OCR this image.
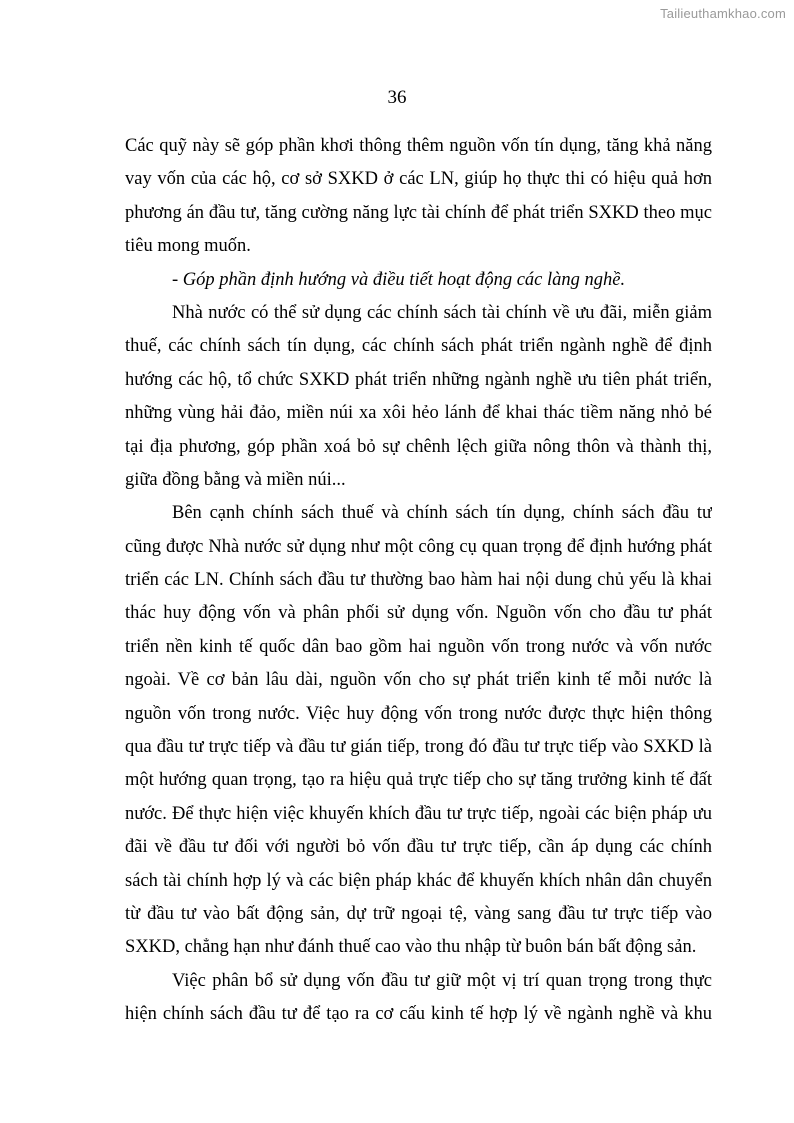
Tailieuthamkhao.com
36
Các quỹ này sẽ góp phần khơi thông thêm nguồn vốn tín dụng, tăng khả năng
vay vốn của các hộ, cơ sở SXKD ở các LN, giúp họ thực thi có hiệu quả hơn
phương án đầu tư, tăng cường năng lực tài chính để phát triển SXKD theo mục
tiêu mong muốn.
- Góp phần định hướng và điều tiết hoạt động các làng nghề.
Nhà nước có thể sử dụng các chính sách tài chính về ưu đãi, miễn giảm
thuế, các chính sách tín dụng, các chính sách phát triển ngành nghề để định
hướng các hộ, tổ chức SXKD phát triển những ngành nghề ưu tiên phát triển,
những vùng hải đảo, miền núi xa xôi hẻo lánh để khai thác tiềm năng nhỏ bé
tại địa phương, góp phần xoá bỏ sự chênh lệch giữa nông thôn và thành thị,
giữa đồng bằng và miền núi...
Bên cạnh chính sách thuế và chính sách tín dụng, chính sách đầu tư
cũng được Nhà nước sử dụng như một công cụ quan trọng để định hướng phát
triển các LN. Chính sách đầu tư thường bao hàm hai nội dung chủ yếu là khai
thác huy động vốn và phân phối sử dụng vốn. Nguồn vốn cho đầu tư phát
triển nền kinh tế quốc dân bao gồm hai nguồn vốn trong nước và vốn nước
ngoài. Về cơ bản lâu dài, nguồn vốn cho sự phát triển kinh tế mỗi nước là
nguồn vốn trong nước. Việc huy động vốn trong nước được thực hiện thông
qua đầu tư trực tiếp và đầu tư gián tiếp, trong đó đầu tư trực tiếp vào SXKD là
một hướng quan trọng, tạo ra hiệu quả trực tiếp cho sự tăng trưởng kinh tế đất
nước. Để thực hiện việc khuyến khích đầu tư trực tiếp, ngoài các biện pháp ưu
đãi về đầu tư đối với người bỏ vốn đầu tư trực tiếp, cần áp dụng các chính
sách tài chính hợp lý và các biện pháp khác để khuyến khích nhân dân chuyển
từ đầu tư vào bất động sản, dự trữ ngoại tệ, vàng sang đầu tư trực tiếp vào
SXKD, chẳng hạn như đánh thuế cao vào thu nhập từ buôn bán bất động sản.
Việc phân bổ sử dụng vốn đầu tư giữ một vị trí quan trọng trong thực
hiện chính sách đầu tư để tạo ra cơ cấu kinh tế hợp lý về ngành nghề và khu
